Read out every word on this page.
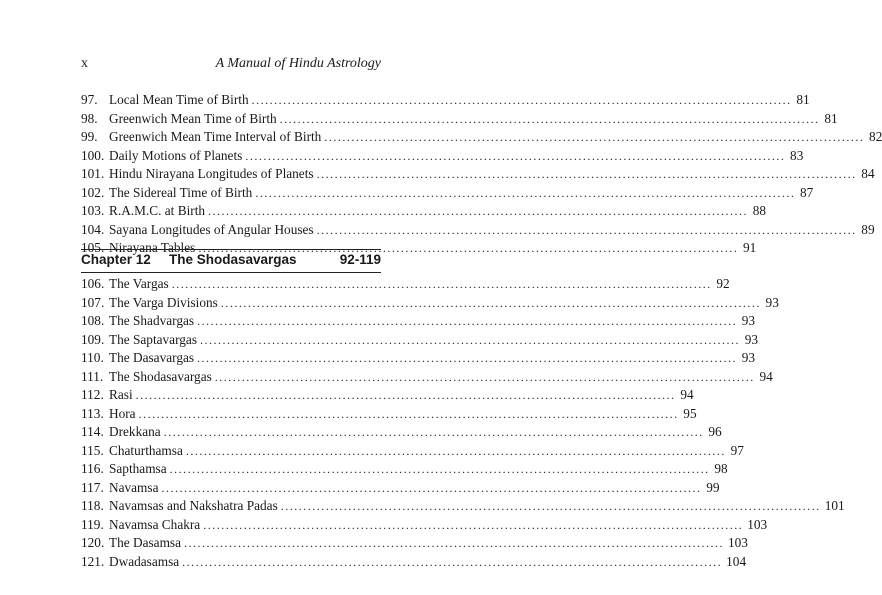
x	A Manual of Hindu Astrology
97. Local Mean Time of Birth ........................................................................................................................ 81
98. Greenwich Mean Time of Birth ........................................................................................................................ 81
99. Greenwich Mean Time Interval of Birth ........................................................................................................................ 82
100. Daily Motions of Planets ........................................................................................................................ 83
101. Hindu Nirayana Longitudes of Planets ........................................................................................................................ 84
102. The Sidereal Time of Birth ........................................................................................................................ 87
103. R.A.M.C. at Birth ........................................................................................................................ 88
104. Sayana Longitudes of Angular Houses ........................................................................................................................ 89
105. Nirayana Tables ........................................................................................................................ 91
Chapter 12	The Shodasavargas	92-119
106. The Vargas ........................................................................................................................ 92
107. The Varga Divisions ........................................................................................................................ 93
108. The Shadvargas ........................................................................................................................ 93
109. The Saptavargas ........................................................................................................................ 93
110. The Dasavargas ........................................................................................................................ 93
111. The Shodasavargas ........................................................................................................................ 94
112. Rasi ........................................................................................................................ 94
113. Hora ........................................................................................................................ 95
114. Drekkana ........................................................................................................................ 96
115. Chaturthamsa ........................................................................................................................ 97
116. Sapthamsa ........................................................................................................................ 98
117. Navamsa ........................................................................................................................ 99
118. Navamsas and Nakshatra Padas ........................................................................................................................ 101
119. Navamsa Chakra ........................................................................................................................ 103
120. The Dasamsa ........................................................................................................................ 103
121. Dwadasamsa ........................................................................................................................ 104
